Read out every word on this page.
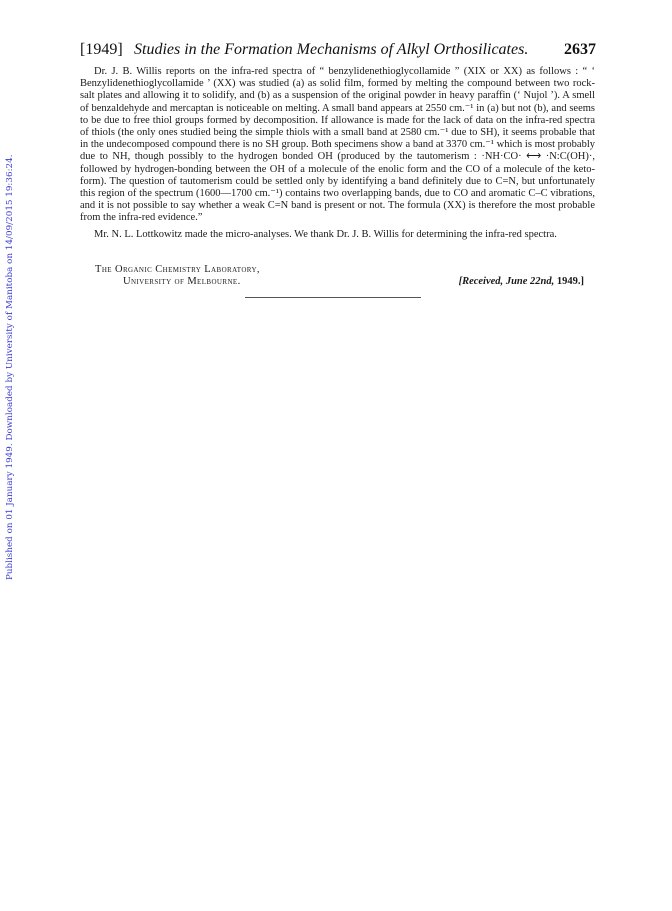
Published on 01 January 1949. Downloaded by University of Manitoba on 14/09/2015 19:36:24.
[1949] Studies in the Formation Mechanisms of Alkyl Orthosilicates. 2637

Dr. J. B. Willis reports on the infra-red spectra of “ benzylidenethioglycollamide ” (XIX or XX) as follows : “ ‘ Benzylidenethioglycollamide ’ (XX) was studied (a) as solid film, formed by melting the compound between two rock-salt plates and allowing it to solidify, and (b) as a suspension of the original powder in heavy paraffin (‘ Nujol ’). A smell of benzaldehyde and mercaptan is noticeable on melting. A small band appears at 2550 cm.⁻¹ in (a) but not (b), and seems to be due to free thiol groups formed by decomposition. If allowance is made for the lack of data on the infra-red spectra of thiols (the only ones studied being the simple thiols with a small band at 2580 cm.⁻¹ due to SH), it seems probable that in the undecomposed compound there is no SH group. Both specimens show a band at 3370 cm.⁻¹ which is most probably due to NH, though possibly to the hydrogen bonded OH (produced by the tautomerism : ·NH·CO· ⟷ ·N:C(OH)·, followed by hydrogen-bonding between the OH of a molecule of the enolic form and the CO of a molecule of the keto-form). The question of tautomerism could be settled only by identifying a band definitely due to C=N, but unfortunately this region of the spectrum (1600—1700 cm.⁻¹) contains two overlapping bands, due to CO and aromatic C–C vibrations, and it is not possible to say whether a weak C=N band is present or not. The formula (XX) is therefore the most probable from the infra-red evidence.”

Mr. N. L. Lottkowitz made the micro-analyses. We thank Dr. J. B. Willis for determining the infra-red spectra.

The Organic Chemistry Laboratory,
University of Melbourne.	[Received, June 22nd, 1949.]
